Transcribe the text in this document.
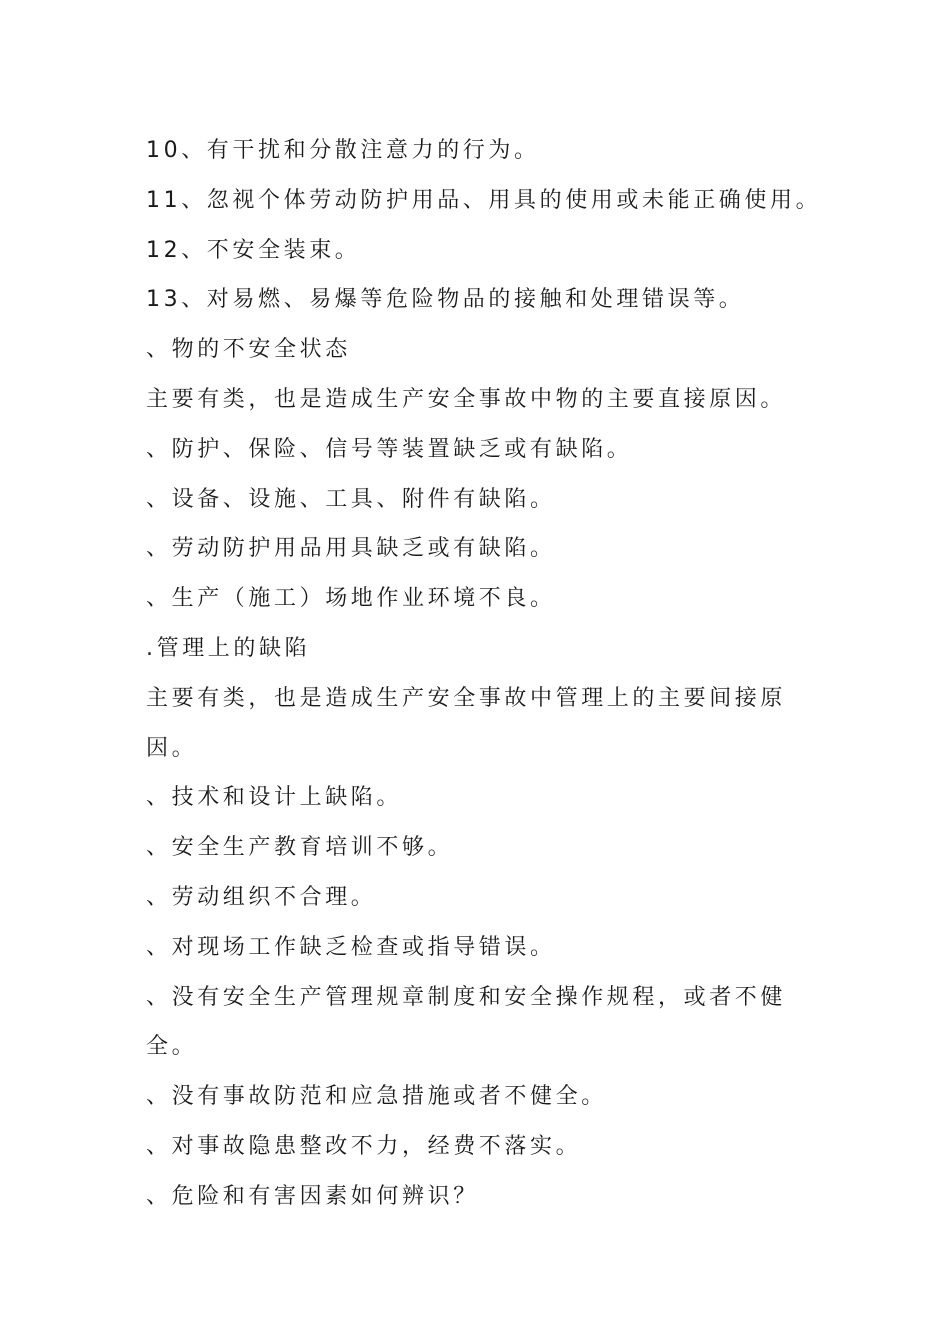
10、有干扰和分散注意力的行为。
11、忽视个体劳动防护用品、用具的使用或未能正确使用。
12、不安全装束。
13、对易燃、易爆等危险物品的接触和处理错误等。
、物的不安全状态
主要有类，也是造成生产安全事故中物的主要直接原因。
、防护、保险、信号等装置缺乏或有缺陷。
、设备、设施、工具、附件有缺陷。
、劳动防护用品用具缺乏或有缺陷。
、生产（施工）场地作业环境不良。
.管理上的缺陷
主要有类，也是造成生产安全事故中管理上的主要间接原
因。
、技术和设计上缺陷。
、安全生产教育培训不够。
、劳动组织不合理。
、对现场工作缺乏检查或指导错误。
、没有安全生产管理规章制度和安全操作规程，或者不健
全。
、没有事故防范和应急措施或者不健全。
、对事故隐患整改不力，经费不落实。
、危险和有害因素如何辨识？
